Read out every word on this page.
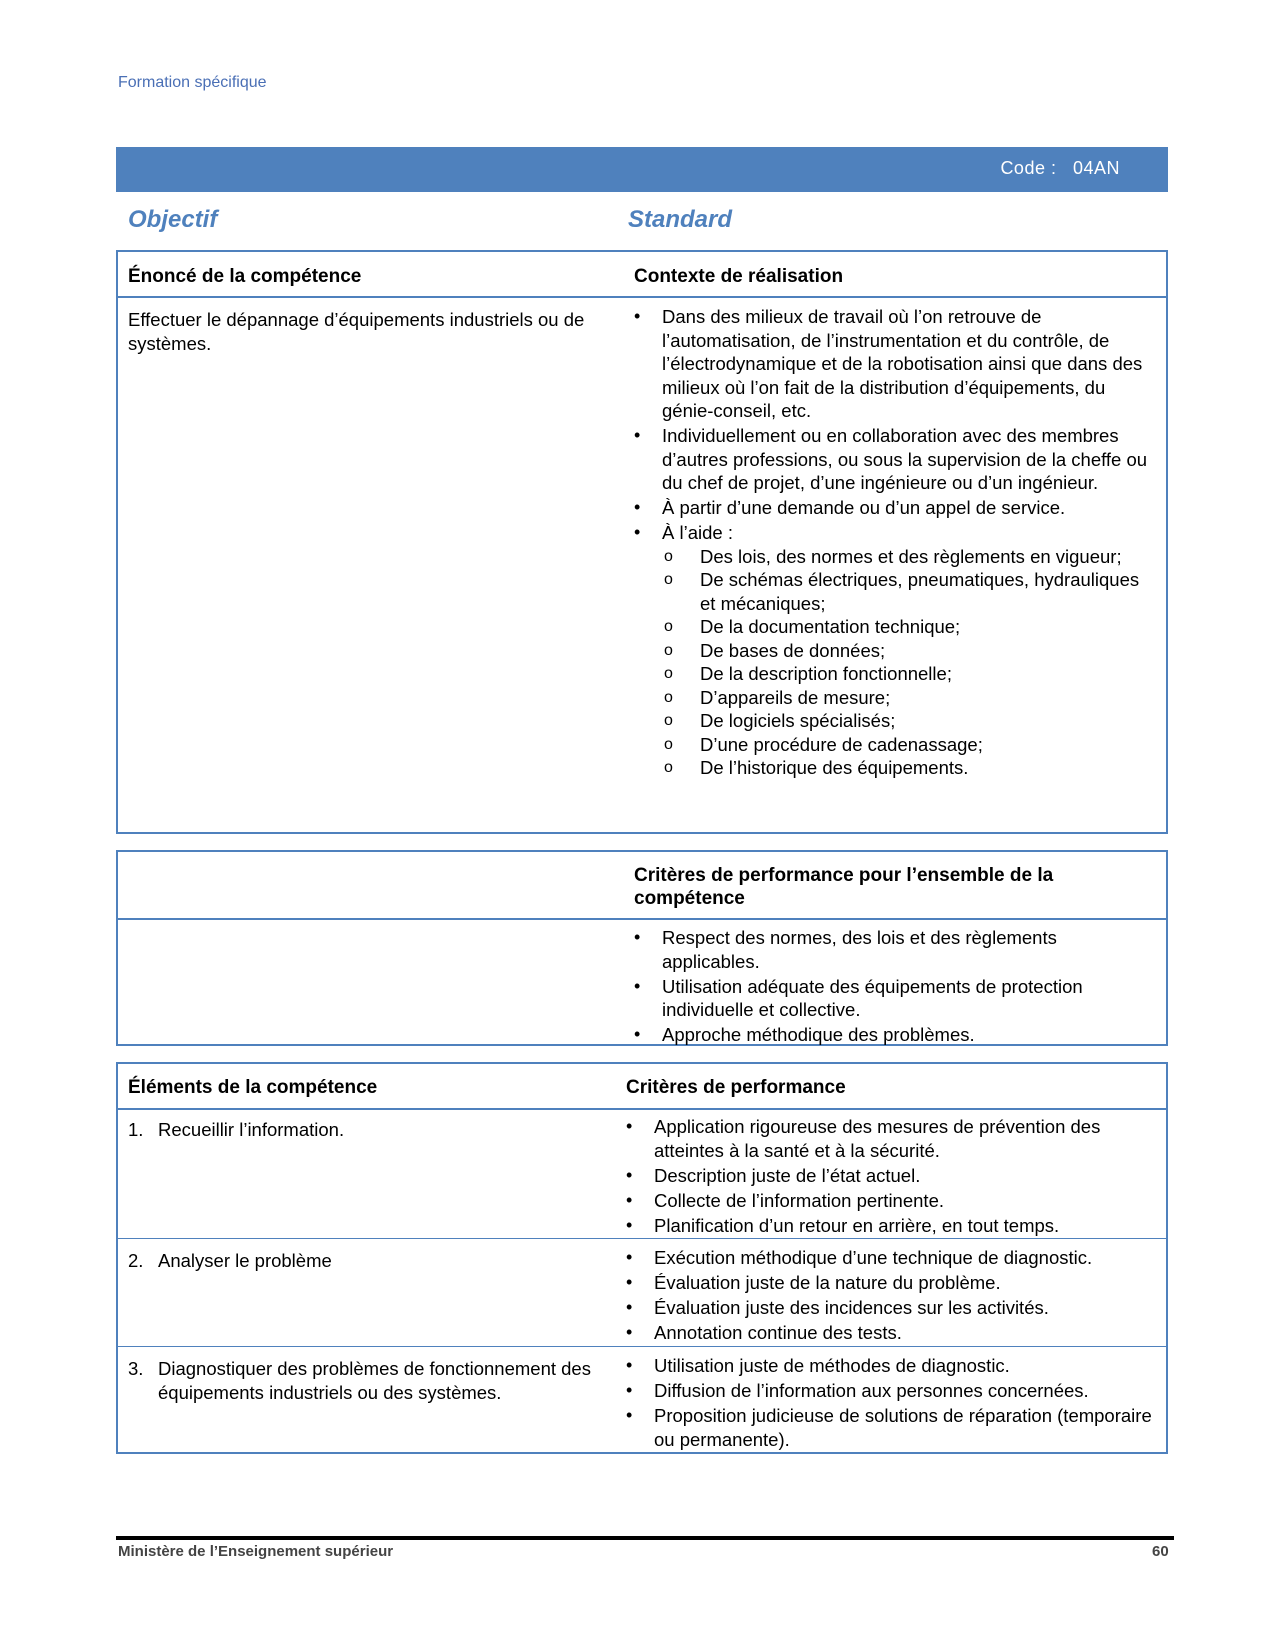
Formation spécifique
Code :   04AN
Objectif	Standard
Énoncé de la compétence	Contexte de réalisation
Effectuer le dépannage d’équipements industriels ou de systèmes.
• Dans des milieux de travail où l’on retrouve de l’automatisation, de l’instrumentation et du contrôle, de l’électrodynamique et de la robotisation ainsi que dans des milieux où l’on fait de la distribution d’équipements, du génie-conseil, etc.
• Individuellement ou en collaboration avec des membres d’autres professions, ou sous la supervision de la cheffe ou du chef de projet, d’une ingénieure ou d’un ingénieur.
• À partir d’une demande ou d’un appel de service.
• À l’aide :
o Des lois, des normes et des règlements en vigueur;
o De schémas électriques, pneumatiques, hydrauliques et mécaniques;
o De la documentation technique;
o De bases de données;
o De la description fonctionnelle;
o D’appareils de mesure;
o De logiciels spécialisés;
o D’une procédure de cadenassage;
o De l’historique des équipements.
Critères de performance pour l’ensemble de la compétence
• Respect des normes, des lois et des règlements applicables.
• Utilisation adéquate des équipements de protection individuelle et collective.
• Approche méthodique des problèmes.
Éléments de la compétence	Critères de performance
1. Recueillir l’information.	• Application rigoureuse des mesures de prévention des atteintes à la santé et à la sécurité.
• Description juste de l’état actuel.
• Collecte de l’information pertinente.
• Planification d’un retour en arrière, en tout temps.
2. Analyser le problème	• Exécution méthodique d’une technique de diagnostic.
• Évaluation juste de la nature du problème.
• Évaluation juste des incidences sur les activités.
• Annotation continue des tests.
3. Diagnostiquer des problèmes de fonctionnement des équipements industriels ou des systèmes.
• Utilisation juste de méthodes de diagnostic.
• Diffusion de l’information aux personnes concernées.
• Proposition judicieuse de solutions de réparation (temporaire ou permanente).
Ministère de l’Enseignement supérieur	60
